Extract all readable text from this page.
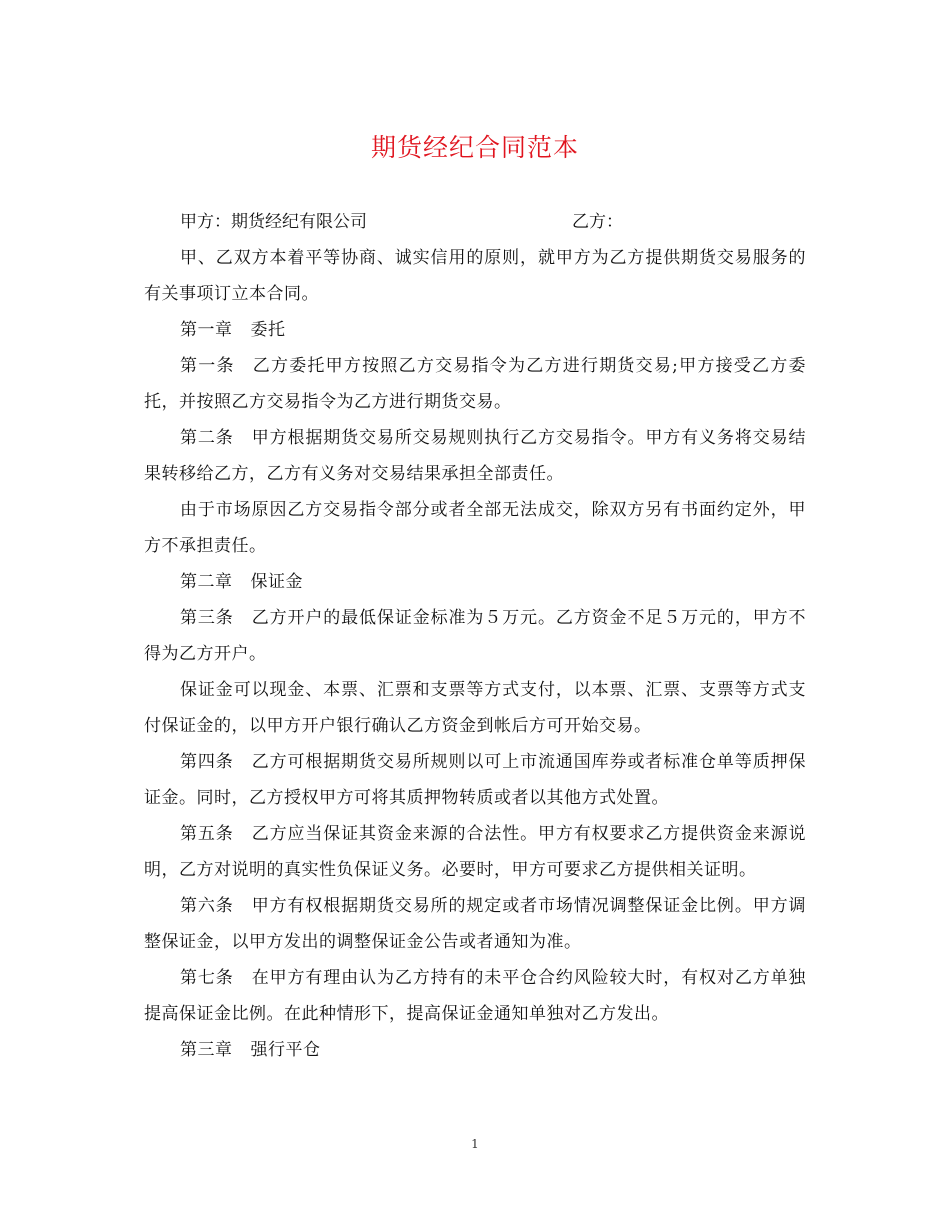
期货经纪合同范本
甲方：期货经纪有限公司	乙方：

甲、乙双方本着平等协商、诚实信用的原则，就甲方为乙方提供期货交易服务的有关事项订立本合同。

第一章 委托

第一条 乙方委托甲方按照乙方交易指令为乙方进行期货交易;甲方接受乙方委托，并按照乙方交易指令为乙方进行期货交易。

第二条 甲方根据期货交易所交易规则执行乙方交易指令。甲方有义务将交易结果转移给乙方，乙方有义务对交易结果承担全部责任。

由于市场原因乙方交易指令部分或者全部无法成交，除双方另有书面约定外，甲方不承担责任。

第二章 保证金

第三条 乙方开户的最低保证金标准为５万元。乙方资金不足５万元的，甲方不得为乙方开户。

保证金可以现金、本票、汇票和支票等方式支付，以本票、汇票、支票等方式支付保证金的，以甲方开户银行确认乙方资金到帐后方可开始交易。

第四条 乙方可根据期货交易所规则以可上市流通国库券或者标准仓单等质押保证金。同时，乙方授权甲方可将其质押物转质或者以其他方式处置。

第五条 乙方应当保证其资金来源的合法性。甲方有权要求乙方提供资金来源说明，乙方对说明的真实性负保证义务。必要时，甲方可要求乙方提供相关证明。

第六条 甲方有权根据期货交易所的规定或者市场情况调整保证金比例。甲方调整保证金，以甲方发出的调整保证金公告或者通知为准。

第七条 在甲方有理由认为乙方持有的未平仓合约风险较大时，有权对乙方单独提高保证金比例。在此种情形下，提高保证金通知单独对乙方发出。

第三章 强行平仓

1
